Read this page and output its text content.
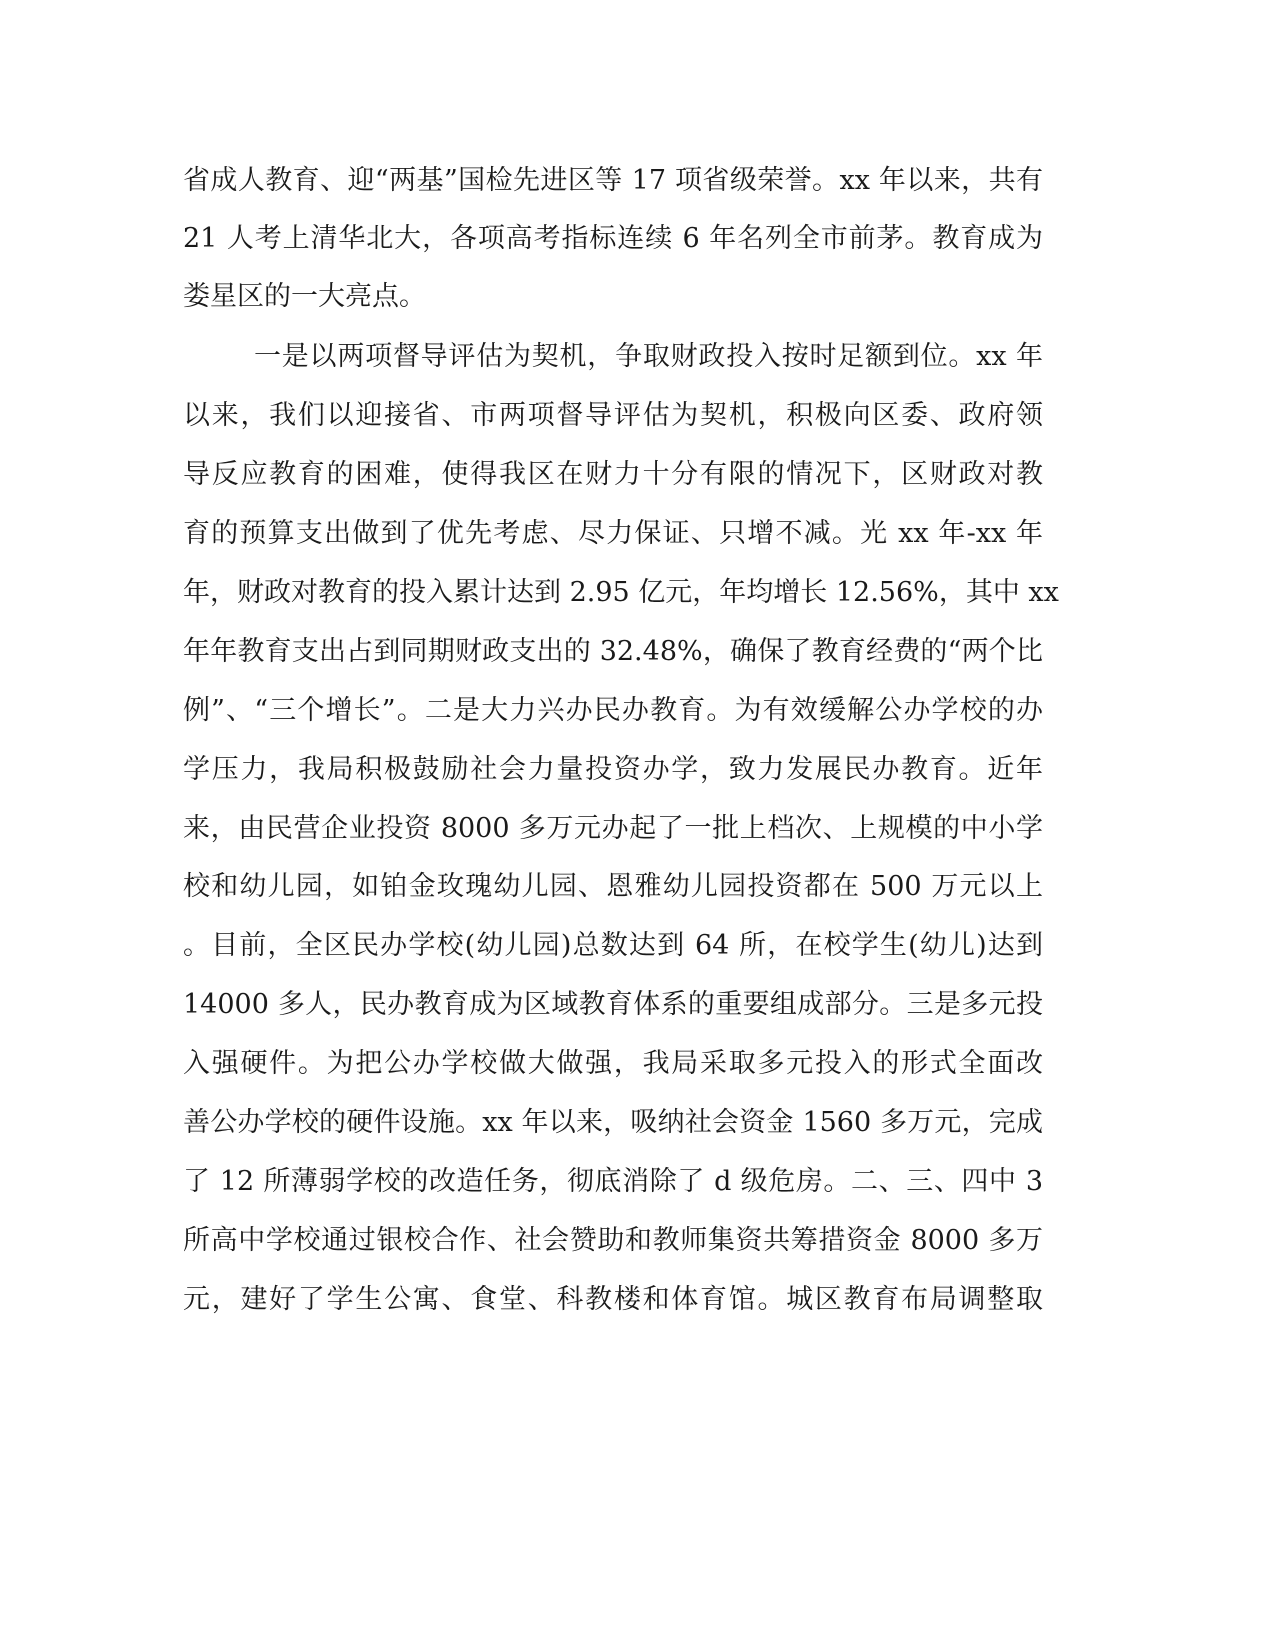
省成人教育、迎“两基”国检先进区等 17 项省级荣誉。xx 年以来，共有
21 人考上清华北大，各项高考指标连续 6 年名列全市前茅。教育成为
娄星区的一大亮点。
一是以两项督导评估为契机，争取财政投入按时足额到位。xx 年
以来，我们以迎接省、市两项督导评估为契机，积极向区委、政府领
导反应教育的困难，使得我区在财力十分有限的情况下，区财政对教
育的预算支出做到了优先考虑、尽力保证、只增不减。光 xx 年-xx 年
年，财政对教育的投入累计达到 2.95 亿元，年均增长 12.56%，其中 xx
年年教育支出占到同期财政支出的 32.48%，确保了教育经费的“两个比
例”、“三个增长”。二是大力兴办民办教育。为有效缓解公办学校的办
学压力，我局积极鼓励社会力量投资办学，致力发展民办教育。近年
来，由民营企业投资 8000 多万元办起了一批上档次、上规模的中小学
校和幼儿园，如铂金玫瑰幼儿园、恩雅幼儿园投资都在 500 万元以上
。目前，全区民办学校(幼儿园)总数达到 64 所，在校学生(幼儿)达到
14000 多人，民办教育成为区域教育体系的重要组成部分。三是多元投
入强硬件。为把公办学校做大做强，我局采取多元投入的形式全面改
善公办学校的硬件设施。xx 年以来，吸纳社会资金 1560 多万元，完成
了 12 所薄弱学校的改造任务，彻底消除了 d 级危房。二、三、四中 3
所高中学校通过银校合作、社会赞助和教师集资共筹措资金 8000 多万
元，建好了学生公寓、食堂、科教楼和体育馆。城区教育布局调整取
